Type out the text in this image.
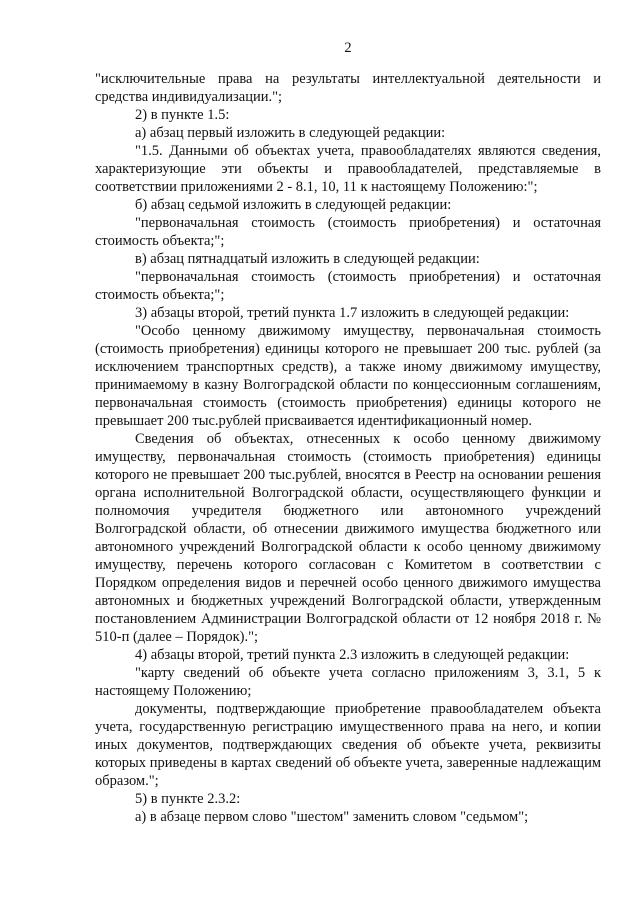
2

"исключительные права на результаты интеллектуальной деятельности и средства индивидуализации.";

2) в пункте 1.5:

а) абзац первый изложить в следующей редакции:

"1.5. Данными об объектах учета, правообладателях являются сведения, характеризующие эти объекты и правообладателей, представляемые в соответствии приложениями 2 - 8.1, 10, 11 к настоящему Положению:";

б) абзац седьмой изложить в следующей редакции:

"первоначальная стоимость (стоимость приобретения) и остаточная стоимость объекта;";

в) абзац пятнадцатый изложить в следующей редакции:

"первоначальная стоимость (стоимость приобретения) и остаточная стоимость объекта;";

3) абзацы второй, третий пункта 1.7 изложить в следующей редакции:

"Особо ценному движимому имуществу, первоначальная стоимость (стоимость приобретения) единицы которого не превышает 200 тыс. рублей (за исключением транспортных средств), а также иному движимому имуществу, принимаемому в казну Волгоградской области по концессионным соглашениям, первоначальная стоимость (стоимость приобретения) единицы которого не превышает 200 тыс.рублей присваивается идентификационный номер.

Сведения об объектах, отнесенных к особо ценному движимому имуществу, первоначальная стоимость (стоимость приобретения) единицы которого не превышает 200 тыс.рублей, вносятся в Реестр на основании решения органа исполнительной Волгоградской области, осуществляющего функции и полномочия учредителя бюджетного или автономного учреждений Волгоградской области, об отнесении движимого имущества бюджетного или автономного учреждений Волгоградской области к особо ценному движимому имуществу, перечень которого согласован с Комитетом в соответствии с Порядком определения видов и перечней особо ценного движимого имущества автономных и бюджетных учреждений Волгоградской области, утвержденным постановлением Администрации Волгоградской области от 12 ноября 2018 г. № 510-п (далее – Порядок).";

4) абзацы второй, третий пункта 2.3 изложить в следующей редакции:

"карту сведений об объекте учета согласно приложениям 3, 3.1, 5 к настоящему Положению;

документы, подтверждающие приобретение правообладателем объекта учета, государственную регистрацию имущественного права на него, и копии иных документов, подтверждающих сведения об объекте учета, реквизиты которых приведены в картах сведений об объекте учета, заверенные надлежащим образом.";

5) в пункте 2.3.2:

а) в абзаце первом слово "шестом" заменить словом "седьмом";
